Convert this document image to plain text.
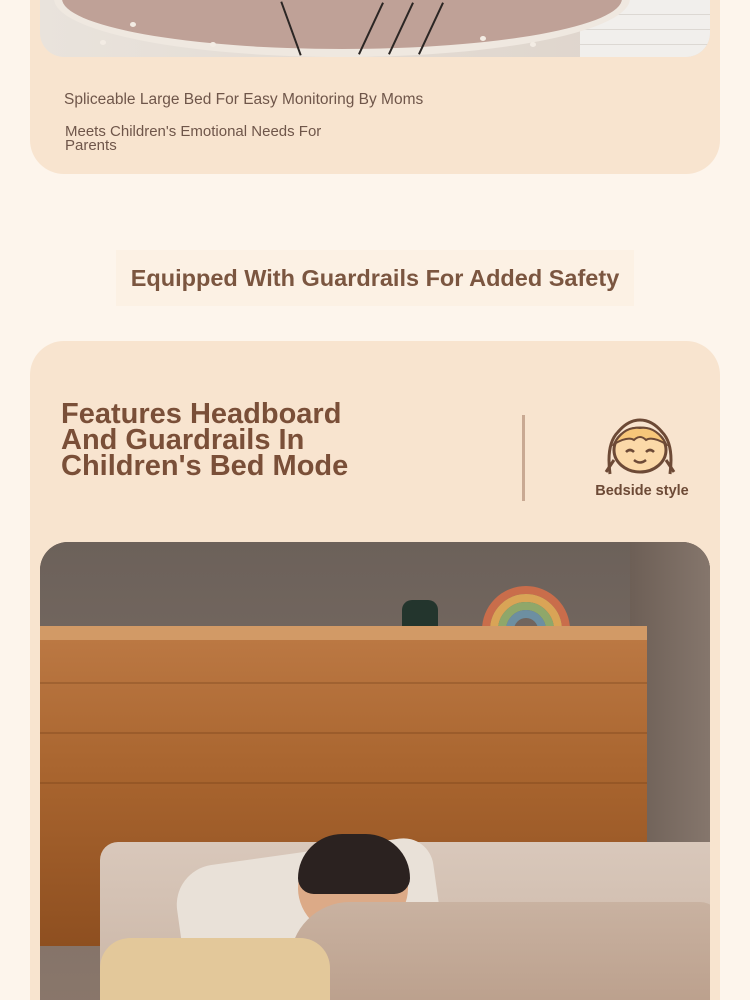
Spliceable Large Bed For Easy Monitoring By Moms
Meets Children's Emotional Needs For Parents
Equipped With Guardrails For Added Safety
Features Headboard And Guardrails In Children's Bed Mode
Bedside style
